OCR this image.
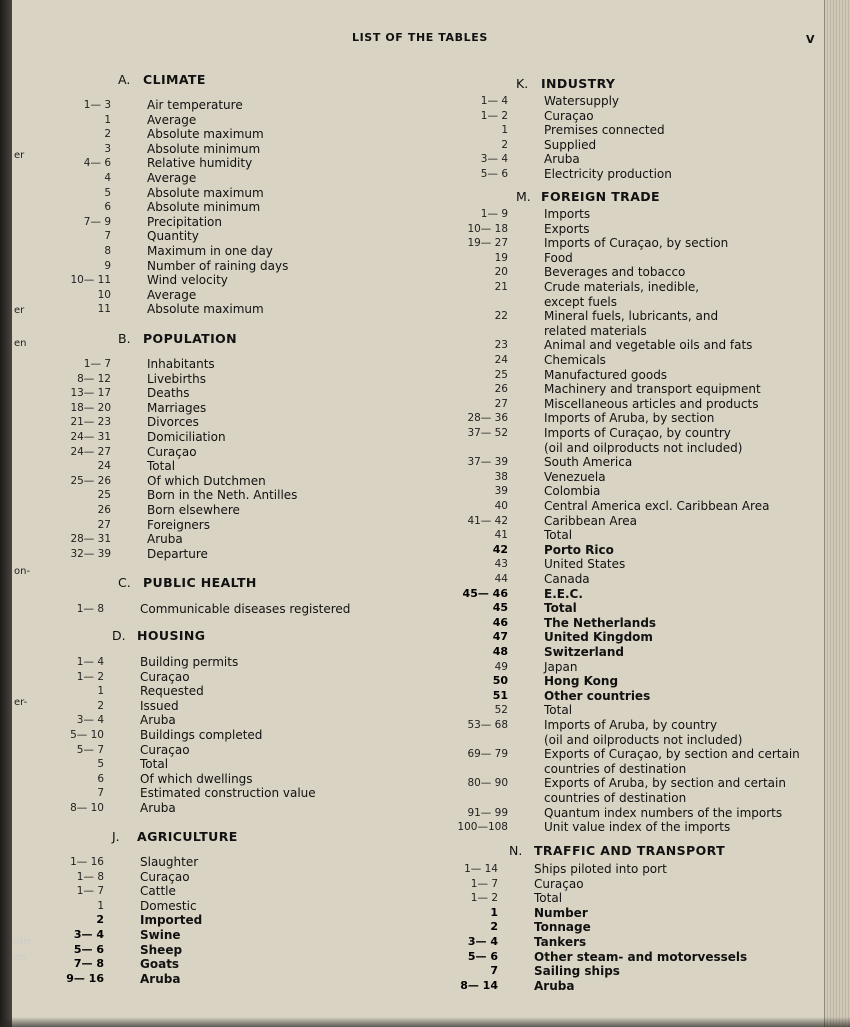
er
er
en
on-
er-
olie
en
LIST OF THE TABLES	V
A. CLIMATE
1— 3	Air temperature
1	Average
2	Absolute maximum
3	Absolute minimum
4— 6	Relative humidity
4	Average
5	Absolute maximum
6	Absolute minimum
7— 9	Precipitation
7	Quantity
8	Maximum in one day
9	Number of raining days
10— 11	Wind velocity
10	Average
11	Absolute maximum
B. POPULATION
1— 7	Inhabitants
8— 12	Livebirths
13— 17	Deaths
18— 20	Marriages
21— 23	Divorces
24— 31	Domiciliation
24— 27	Curaçao
24	Total
25— 26	Of which Dutchmen
25	Born in the Neth. Antilles
26	Born elsewhere
27	Foreigners
28— 31	Aruba
32— 39	Departure
C. PUBLIC HEALTH
1— 8	Communicable diseases registered
D. HOUSING
1— 4	Building permits
1— 2	Curaçao
1	Requested
2	Issued
3— 4	Aruba
5— 10	Buildings completed
5— 7	Curaçao
5	Total
6	Of which dwellings
7	Estimated construction value
8— 10	Aruba
J. AGRICULTURE
1— 16	Slaughter
1— 8	Curaçao
1— 7	Cattle
1	Domestic
2	Imported
3— 4	Swine
5— 6	Sheep
7— 8	Goats
9— 16	Aruba
K. INDUSTRY
1— 4	Watersupply
1— 2	Curaçao
1	Premises connected
2	Supplied
3— 4	Aruba
5— 6	Electricity production
M. FOREIGN TRADE
1— 9	Imports
10— 18	Exports
19— 27	Imports of Curaçao, by section
19	Food
20	Beverages and tobacco
21	Crude materials, inedible,
except fuels
22	Mineral fuels, lubricants, and
related materials
23	Animal and vegetable oils and fats
24	Chemicals
25	Manufactured goods
26	Machinery and transport equipment
27	Miscellaneous articles and products
28— 36	Imports of Aruba, by section
37— 52	Imports of Curaçao, by country
(oil and oilproducts not included)
37— 39	South America
38	Venezuela
39	Colombia
40	Central America excl. Caribbean Area
41— 42	Caribbean Area
41	Total
42	Porto Rico
43	United States
44	Canada
45— 46	E.E.C.
45	Total
46	The Netherlands
47	United Kingdom
48	Switzerland
49	Japan
50	Hong Kong
51	Other countries
52	Total
53— 68	Imports of Aruba, by country
(oil and oilproducts not included)
69— 79	Exports of Curaçao, by section and certain
countries of destination
80— 90	Exports of Aruba, by section and certain
countries of destination
91— 99	Quantum index numbers of the imports
100—108	Unit value index of the imports
N. TRAFFIC AND TRANSPORT
1— 14	Ships piloted into port
1— 7	Curaçao
1— 2	Total
1	Number
2	Tonnage
3— 4	Tankers
5— 6	Other steam- and motorvessels
7	Sailing ships
8— 14	Aruba
